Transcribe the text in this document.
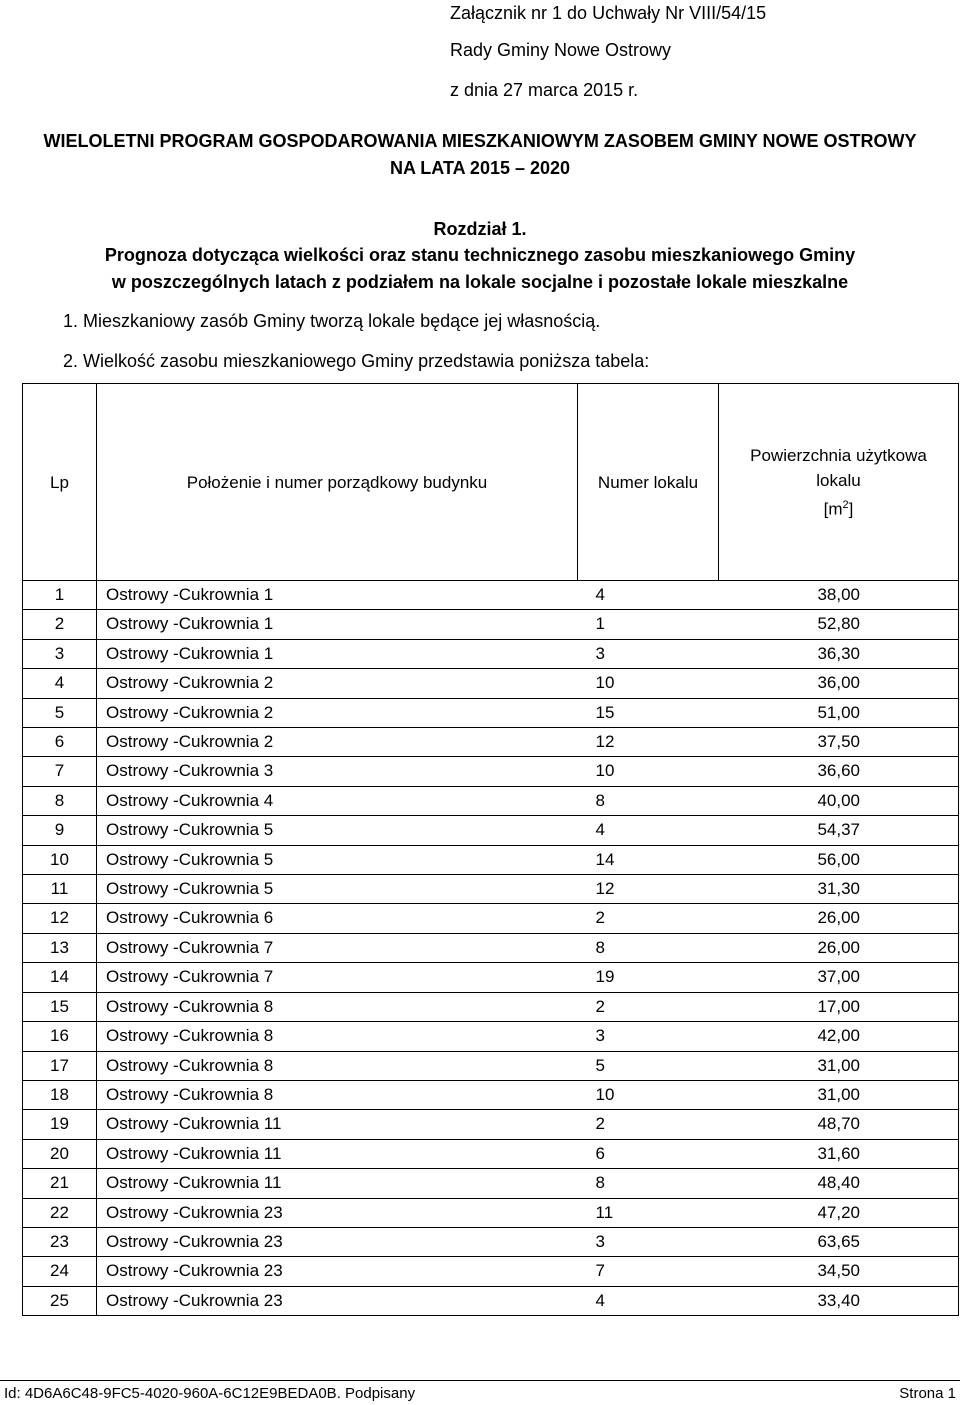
Załącznik nr 1 do Uchwały Nr VIII/54/15
Rady Gminy Nowe Ostrowy
z dnia 27 marca 2015 r.
WIELOLETNI PROGRAM GOSPODAROWANIA MIESZKANIOWYM ZASOBEM GMINY NOWE OSTROWY
NA LATA 2015 – 2020
Rozdział 1.
Prognoza dotycząca wielkości oraz stanu technicznego zasobu mieszkaniowego Gminy
w poszczególnych latach z podziałem na lokale socjalne i pozostałe lokale mieszkalne
1. Mieszkaniowy zasób Gminy tworzą lokale będące jej własnością.
2. Wielkość zasobu mieszkaniowego Gminy przedstawia poniższa tabela:
Lp	Położenie i numer porządkowy budynku	Numer lokalu	Powierzchnia użytkowa
lokalu
$[m^2]$
1	Ostrowy -Cukrownia 1	4	38,00
2	Ostrowy -Cukrownia 1	1	52,80
3	Ostrowy -Cukrownia 1	3	36,30
4	Ostrowy -Cukrownia 2	10	36,00
5	Ostrowy -Cukrownia 2	15	51,00
6	Ostrowy -Cukrownia 2	12	37,50
7	Ostrowy -Cukrownia 3	10	36,60
8	Ostrowy -Cukrownia 4	8	40,00
9	Ostrowy -Cukrownia 5	4	54,37
10	Ostrowy -Cukrownia 5	14	56,00
11	Ostrowy -Cukrownia 5	12	31,30
12	Ostrowy -Cukrownia 6	2	26,00
13	Ostrowy -Cukrownia 7	8	26,00
14	Ostrowy -Cukrownia 7	19	37,00
15	Ostrowy -Cukrownia 8	2	17,00
16	Ostrowy -Cukrownia 8	3	42,00
17	Ostrowy -Cukrownia 8	5	31,00
18	Ostrowy -Cukrownia 8	10	31,00
19	Ostrowy -Cukrownia 11	2	48,70
20	Ostrowy -Cukrownia 11	6	31,60
21	Ostrowy -Cukrownia 11	8	48,40
22	Ostrowy -Cukrownia 23	11	47,20
23	Ostrowy -Cukrownia 23	3	63,65
24	Ostrowy -Cukrownia 23	7	34,50
25	Ostrowy -Cukrownia 23	4	33,40
Id: 4D6A6C48-9FC5-4020-960A-6C12E9BEDA0B. Podpisany	Strona 1
